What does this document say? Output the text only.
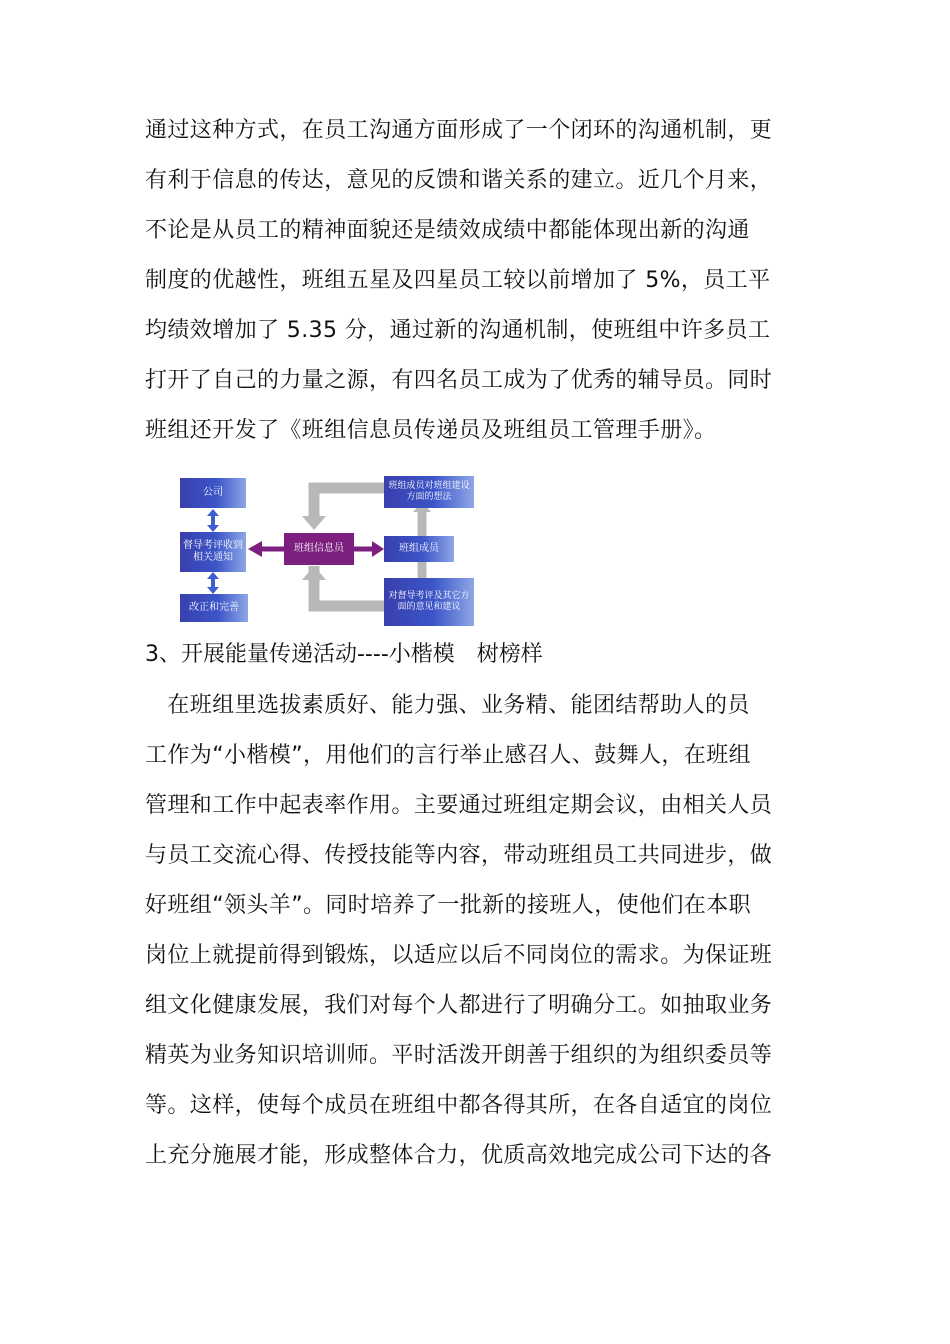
通过这种方式，在员工沟通方面形成了一个闭环的沟通机制，更
有利于信息的传达，意见的反馈和谐关系的建立。近几个月来，
不论是从员工的精神面貌还是绩效成绩中都能体现出新的沟通
制度的优越性，班组五星及四星员工较以前增加了 5%，员工平
均绩效增加了 5.35 分，通过新的沟通机制，使班组中许多员工
打开了自己的力量之源，有四名员工成为了优秀的辅导员。同时
班组还开发了《班组信息员传递员及班组员工管理手册》。
公司
督导考评收到相关通知
改正和完善
班组信息员	班组成员
班组成员对班组建设方面的想法
对督导考评及其它方面的意见和建议
3、开展能量传递活动----小楷模　树榜样
　在班组里选拔素质好、能力强、业务精、能团结帮助人的员
工作为“小楷模”，用他们的言行举止感召人、鼓舞人，在班组
管理和工作中起表率作用。主要通过班组定期会议，由相关人员
与员工交流心得、传授技能等内容，带动班组员工共同进步，做
好班组“领头羊”。同时培养了一批新的接班人，使他们在本职
岗位上就提前得到锻炼，以适应以后不同岗位的需求。为保证班
组文化健康发展，我们对每个人都进行了明确分工。如抽取业务
精英为业务知识培训师。平时活泼开朗善于组织的为组织委员等
等。这样，使每个成员在班组中都各得其所，在各自适宜的岗位
上充分施展才能，形成整体合力，优质高效地完成公司下达的各
